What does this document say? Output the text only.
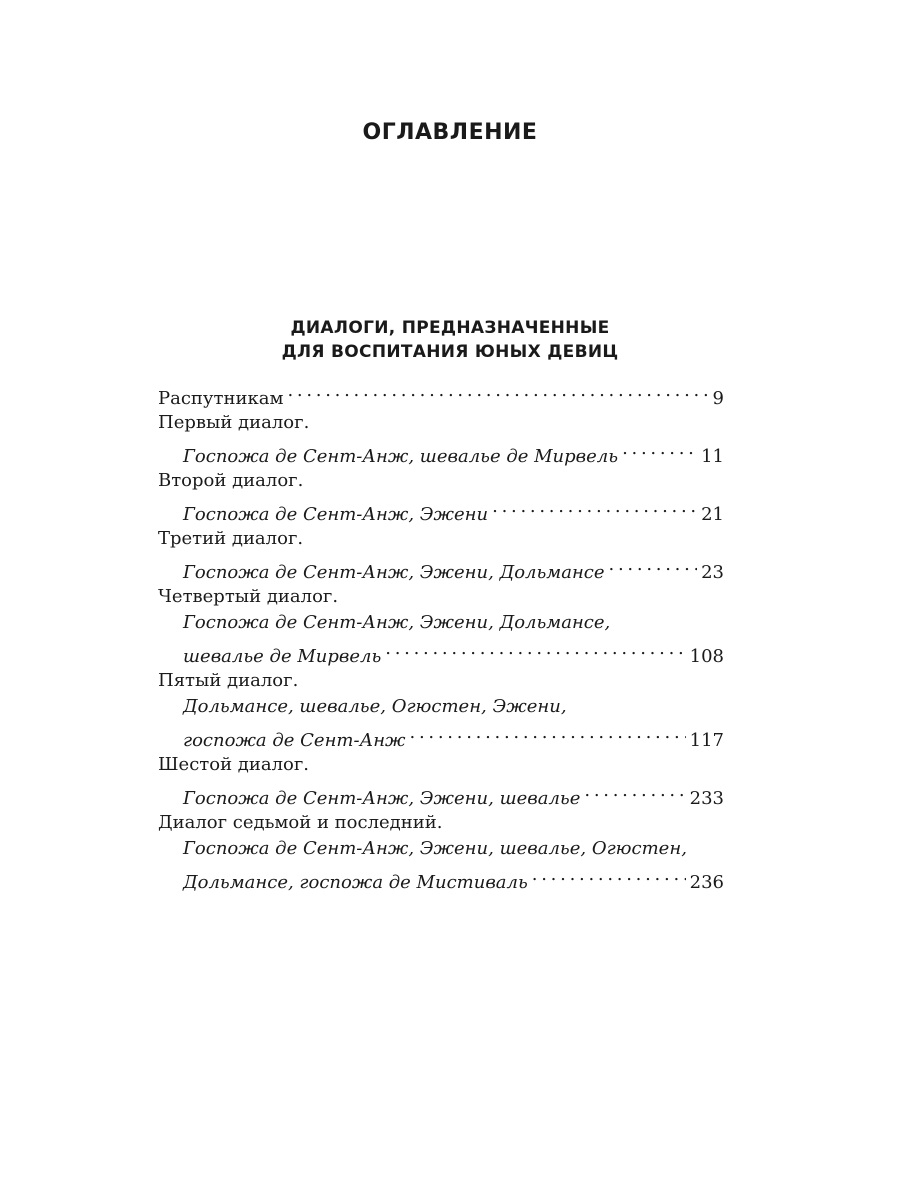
ОГЛАВЛЕНИЕ
ДИАЛОГИ, ПРЕДНАЗНАЧЕННЫЕ
ДЛЯ ВОСПИТАНИЯ ЮНЫХ ДЕВИЦ
Распутникам . . .	9
Первый диалог.
Госпожа де Сент-Анж, шевалье де Мирвель . . .	11
Второй диалог.
Госпожа де Сент-Анж, Эжени . . .	21
Третий диалог.
Госпожа де Сент-Анж, Эжени, Дольмансе . . .	23
Четвертый диалог.
Госпожа де Сент-Анж, Эжени, Дольмансе,
шевалье де Мирвель . . .	108
Пятый диалог.
Дольмансе, шевалье, Огюстен, Эжени,
госпожа де Сент-Анж . . .	117
Шестой диалог.
Госпожа де Сент-Анж, Эжени, шевалье . . .	233
Диалог седьмой и последний.
Госпожа де Сент-Анж, Эжени, шевалье, Огюстен,
Дольмансе, госпожа де Мистиваль . . .	236
